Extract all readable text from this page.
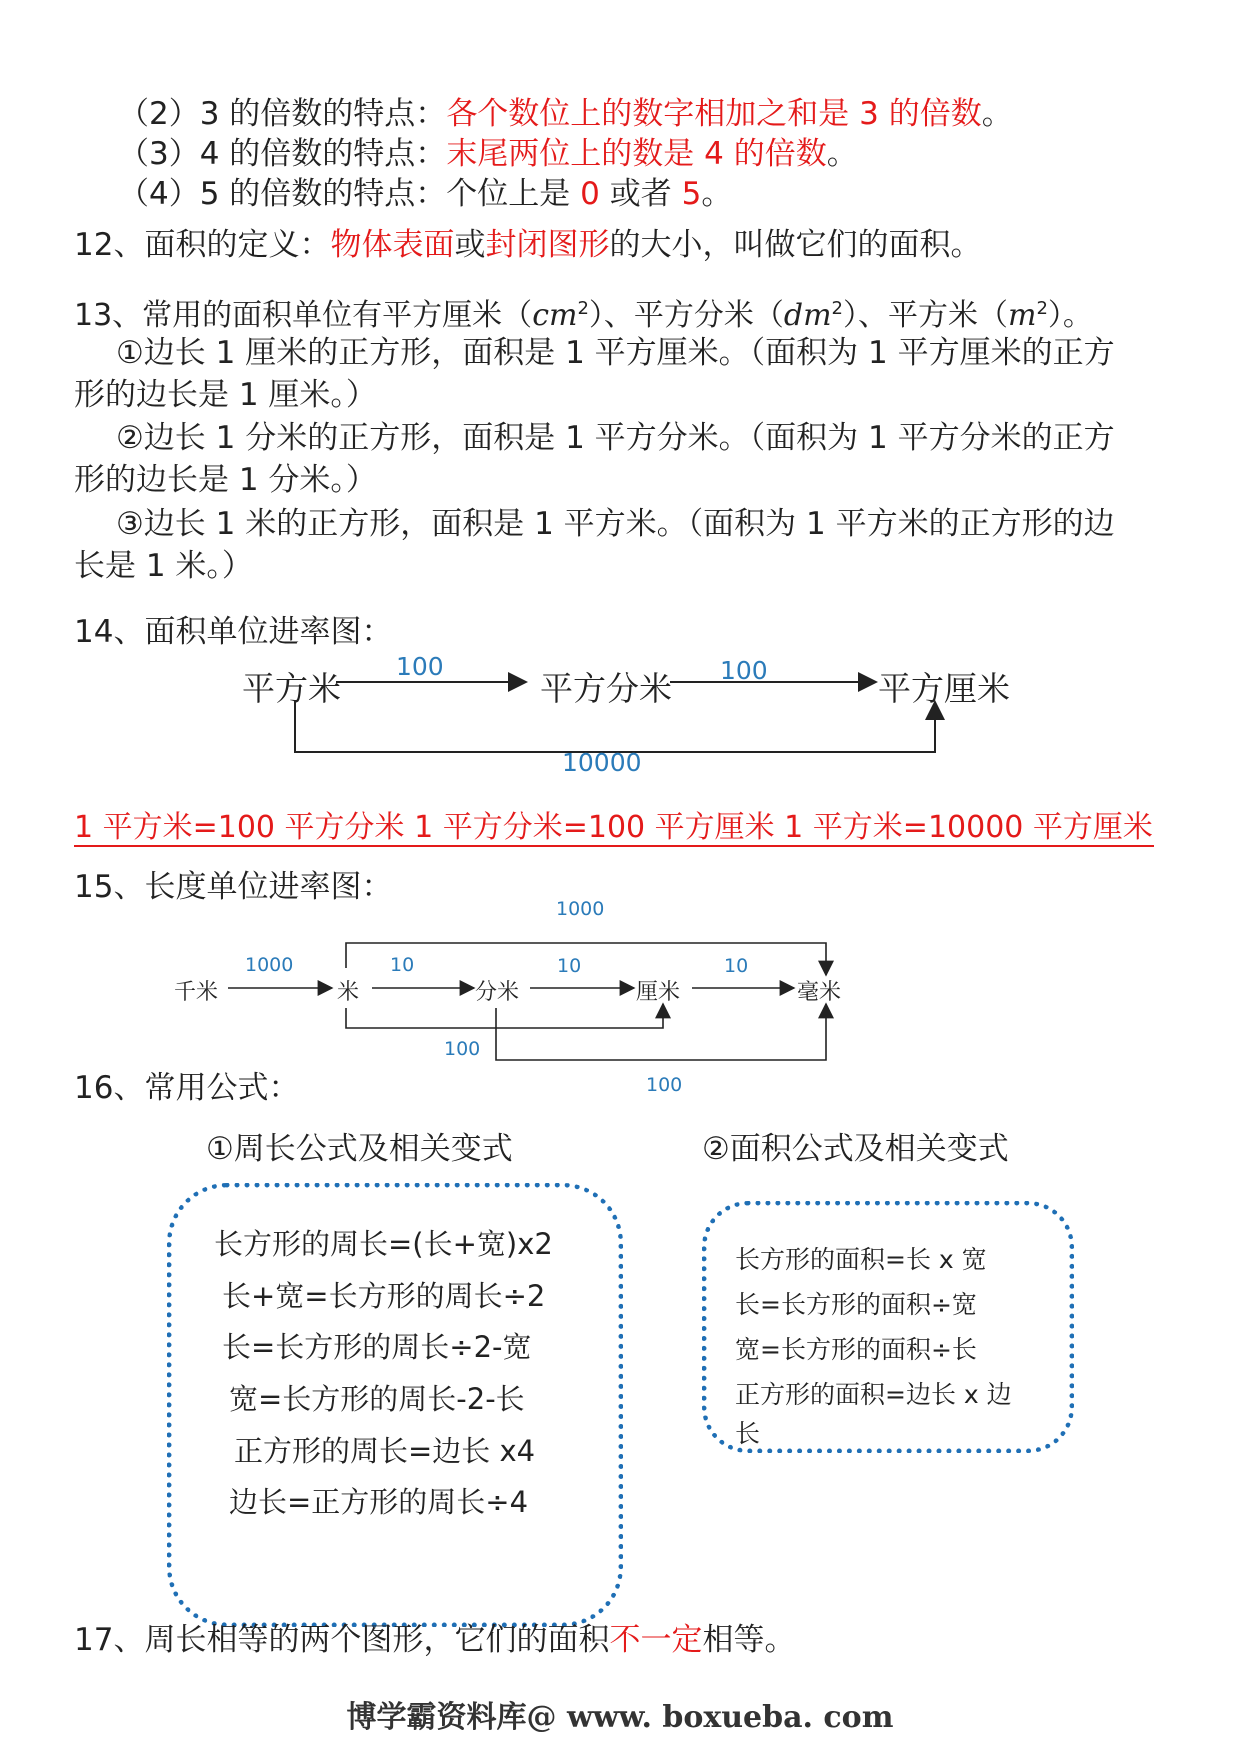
（2）3 的倍数的特点：各个数位上的数字相加之和是 3 的倍数。
（3）4 的倍数的特点：末尾两位上的数是 4 的倍数。
（4）5 的倍数的特点：个位上是 0 或者 5。
12、面积的定义：物体表面或封闭图形的大小，叫做它们的面积。
13、常用的面积单位有平方厘米$(cm^2)$、平方分米$(dm^2)$、平方米$(m^2)$。
①边长 1 厘米的正方形，面积是 1 平方厘米。（面积为 1 平方厘米的正方
形的边长是 1 厘米。）
②边长 1 分米的正方形，面积是 1 平方分米。（面积为 1 平方分米的正方
形的边长是 1 分米。）
③边长 1 米的正方形，面积是 1 平方米。（面积为 1 平方米的正方形的边
长是 1 米。）
14、面积单位进率图：
平方米	平方分米	平方厘米
100	100
10000
1 平方米=100 平方分米 1 平方分米=100 平方厘米 1 平方米=10000 平方厘米
15、长度单位进率图：
千米	米	分米	厘米	毫米
1000	10	10	10
1000
100
100
16、常用公式：
①周长公式及相关变式	②面积公式及相关变式
长方形的周长=(长+宽)x2
长+宽=长方形的周长÷2
长=长方形的周长÷2-宽
宽=长方形的周长-2-长
正方形的周长=边长 x4
边长=正方形的周长÷4
长方形的面积=长 x 宽
长=长方形的面积÷宽
宽=长方形的面积÷长
正方形的面积=边长 x 边
长
17、周长相等的两个图形，它们的面积不一定相等。
博学霸资料库@ www. boxueba. com
